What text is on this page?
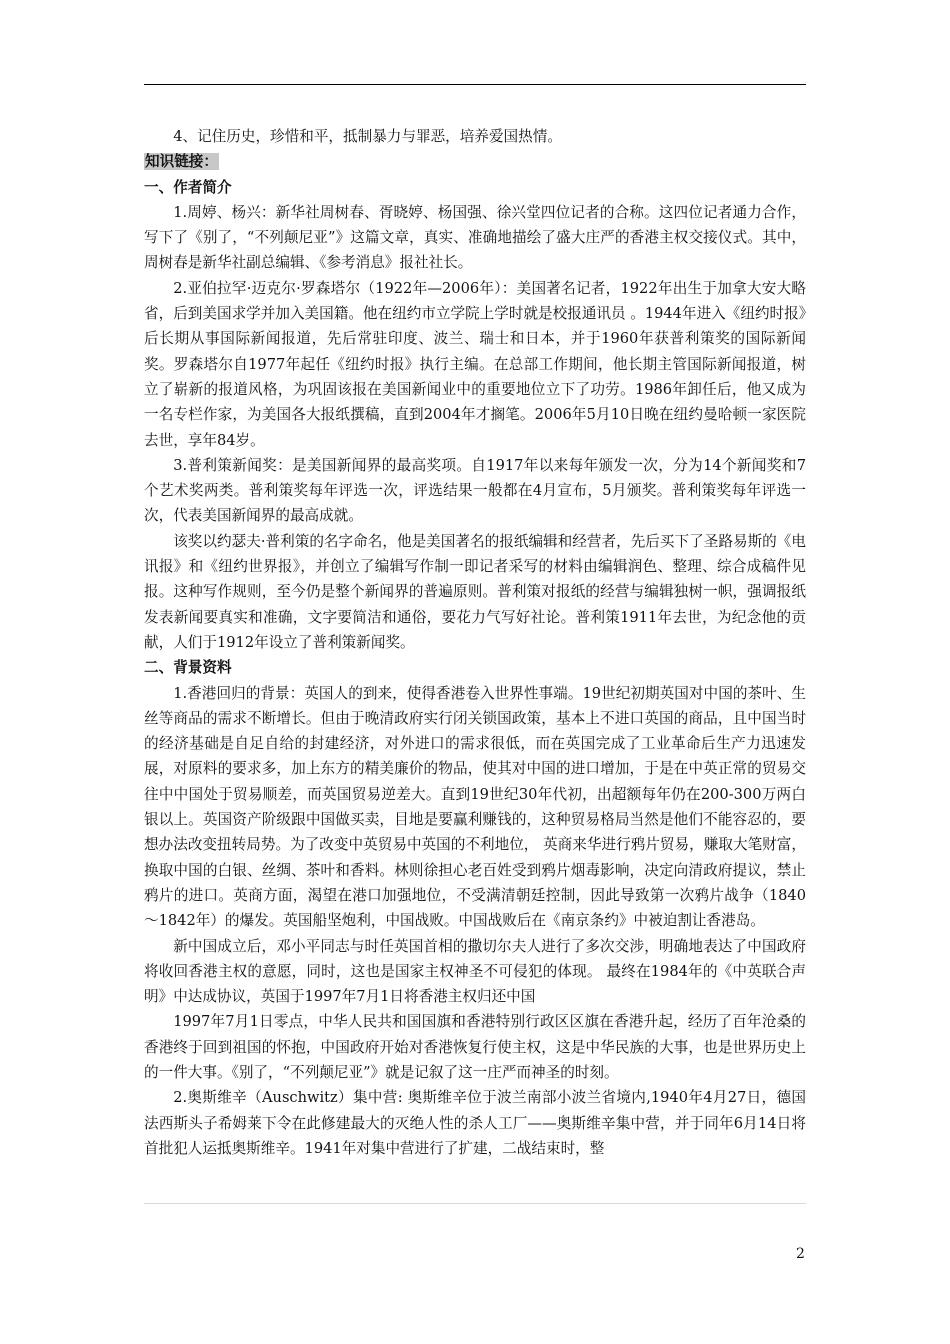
4、记住历史，珍惜和平，抵制暴力与罪恶，培养爱国热情。

知识链接：
一、作者简介

1.周婷、杨兴：新华社周树春、胥晓婷、杨国强、徐兴堂四位记者的合称。这四位记者通力合作，写下了《别了，“不列颠尼亚”》这篇文章，真实、准确地描绘了盛大庄严的香港主权交接仪式。其中，周树春是新华社副总编辑、《参考消息》报社社长。

2.亚伯拉罕·迈克尔·罗森塔尔（1922年—2006年）：美国著名记者，1922年出生于加拿大安大略省，后到美国求学并加入美国籍。他在纽约市立学院上学时就是校报通讯员 。1944年进入《纽约时报》后长期从事国际新闻报道，先后常驻印度、波兰、瑞士和日本，并于1960年获普利策奖的国际新闻奖。罗森塔尔自1977年起任《纽约时报》执行主编。在总部工作期间，他长期主管国际新闻报道，树立了崭新的报道风格，为巩固该报在美国新闻业中的重要地位立下了功劳。1986年卸任后，他又成为一名专栏作家，为美国各大报纸撰稿，直到2004年才搁笔。2006年5月10日晚在纽约曼哈顿一家医院去世，享年84岁。

3.普利策新闻奖：是美国新闻界的最高奖项。自1917年以来每年颁发一次，分为14个新闻奖和7个艺术奖两类。普利策奖每年评选一次，评选结果一般都在4月宣布，5月颁奖。普利策奖每年评选一次，代表美国新闻界的最高成就。

该奖以约瑟夫·普利策的名字命名，他是美国著名的报纸编辑和经营者，先后买下了圣路易斯的《电讯报》和《纽约世界报》，并创立了编辑写作制一即记者采写的材料由编辑润色、整理、综合成稿件见报。这种写作规则，至今仍是整个新闻界的普遍原则。普利策对报纸的经营与编辑独树一帜，强调报纸发表新闻要真实和准确，文字要简洁和通俗，要花力气写好社论。普利策1911年去世，为纪念他的贡献，人们于1912年设立了普利策新闻奖。

二、背景资料

1.香港回归的背景：英国人的到来，使得香港卷入世界性事端。19世纪初期英国对中国的茶叶、生丝等商品的需求不断增长。但由于晚清政府实行闭关锁国政策，基本上不进口英国的商品，且中国当时的经济基础是自足自给的封建经济，对外进口的需求很低，而在英国完成了工业革命后生产力迅速发展，对原料的要求多，加上东方的精美廉价的物品，使其对中国的进口增加，于是在中英正常的贸易交往中中国处于贸易顺差，而英国贸易逆差大。直到19世纪30年代初，出超额每年仍在200-300万两白银以上。英国资产阶级跟中国做买卖，目地是要赢利赚钱的，这种贸易格局当然是他们不能容忍的，要想办法改变扭转局势。为了改变中英贸易中英国的不利地位， 英商来华进行鸦片贸易，赚取大笔财富，换取中国的白银、丝绸、茶叶和香料。林则徐担心老百姓受到鸦片烟毒影响，决定向清政府提议，禁止鸦片的进口。英商方面，渴望在港口加强地位，不受满清朝廷控制，因此导致第一次鸦片战争（1840～1842年）的爆发。英国船坚炮利，中国战败。中国战败后在《南京条约》中被迫割让香港岛。

新中国成立后，邓小平同志与时任英国首相的撒切尔夫人进行了多次交涉，明确地表达了中国政府将收回香港主权的意愿，同时，这也是国家主权神圣不可侵犯的体现。 最终在1984年的《中英联合声明》中达成协议，英国于1997年7月1日将香港主权归还中国

1997年7月1日零点，中华人民共和国国旗和香港特别行政区区旗在香港升起，经历了百年沧桑的香港终于回到祖国的怀抱，中国政府开始对香港恢复行使主权，这是中华民族的大事，也是世界历史上的一件大事。《别了，“不列颠尼亚”》就是记叙了这一庄严而神圣的时刻。

2.奥斯维辛（Auschwitz）集中营: 奥斯维辛位于波兰南部小波兰省境内,1940年4月27日，德国法西斯头子希姆莱下令在此修建最大的灭绝人性的杀人工厂——奥斯维辛集中营，并于同年6月14日将首批犯人运抵奥斯维辛。1941年对集中营进行了扩建，二战结束时，整

2
